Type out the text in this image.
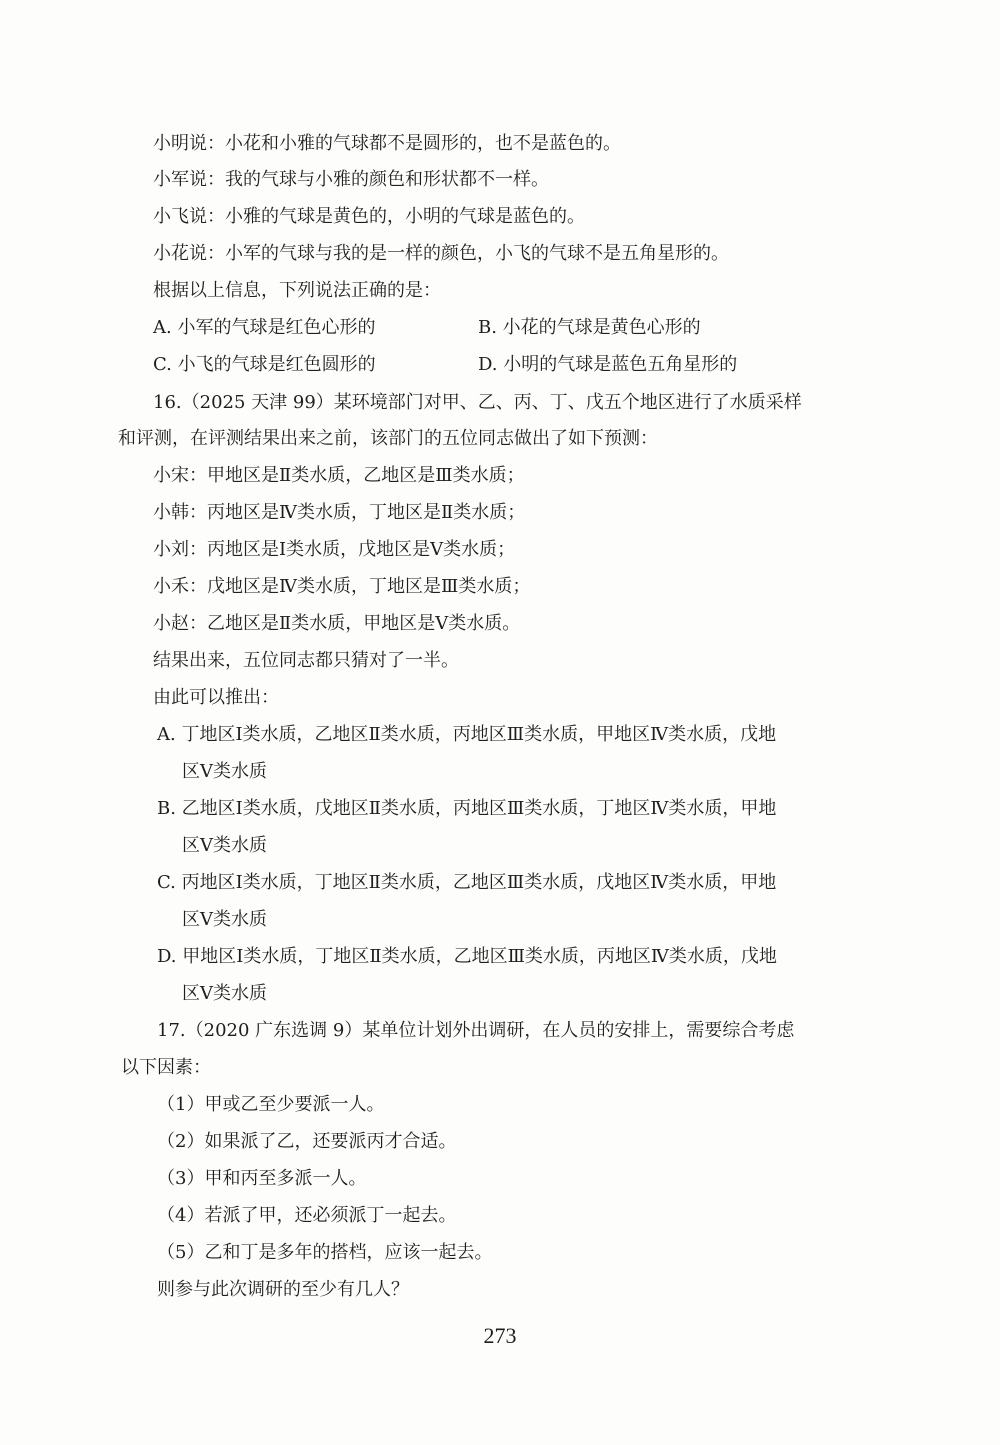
小明说：小花和小雅的气球都不是圆形的，也不是蓝色的。
小军说：我的气球与小雅的颜色和形状都不一样。
小飞说：小雅的气球是黄色的，小明的气球是蓝色的。
小花说：小军的气球与我的是一样的颜色，小飞的气球不是五角星形的。
根据以上信息，下列说法正确的是：
A. 小军的气球是红色心形的	B. 小花的气球是黄色心形的
C. 小飞的气球是红色圆形的	D. 小明的气球是蓝色五角星形的
16.（2025 天津 99）某环境部门对甲、乙、丙、丁、戊五个地区进行了水质采样
和评测，在评测结果出来之前，该部门的五位同志做出了如下预测：
小宋：甲地区是Ⅱ类水质，乙地区是Ⅲ类水质；
小韩：丙地区是Ⅳ类水质，丁地区是Ⅱ类水质；
小刘：丙地区是Ⅰ类水质，戊地区是Ⅴ类水质；
小禾：戊地区是Ⅳ类水质，丁地区是Ⅲ类水质；
小赵：乙地区是Ⅱ类水质，甲地区是Ⅴ类水质。
结果出来，五位同志都只猜对了一半。
由此可以推出：
A. 丁地区Ⅰ类水质，乙地区Ⅱ类水质，丙地区Ⅲ类水质，甲地区Ⅳ类水质，戊地
区Ⅴ类水质
B. 乙地区Ⅰ类水质，戊地区Ⅱ类水质，丙地区Ⅲ类水质，丁地区Ⅳ类水质，甲地
区Ⅴ类水质
C. 丙地区Ⅰ类水质，丁地区Ⅱ类水质，乙地区Ⅲ类水质，戊地区Ⅳ类水质，甲地
区Ⅴ类水质
D. 甲地区Ⅰ类水质，丁地区Ⅱ类水质，乙地区Ⅲ类水质，丙地区Ⅳ类水质，戊地
区Ⅴ类水质
17.（2020 广东选调 9）某单位计划外出调研，在人员的安排上，需要综合考虑
以下因素：
（1）甲或乙至少要派一人。
（2）如果派了乙，还要派丙才合适。
（3）甲和丙至多派一人。
（4）若派了甲，还必须派丁一起去。
（5）乙和丁是多年的搭档，应该一起去。
则参与此次调研的至少有几人？
273
